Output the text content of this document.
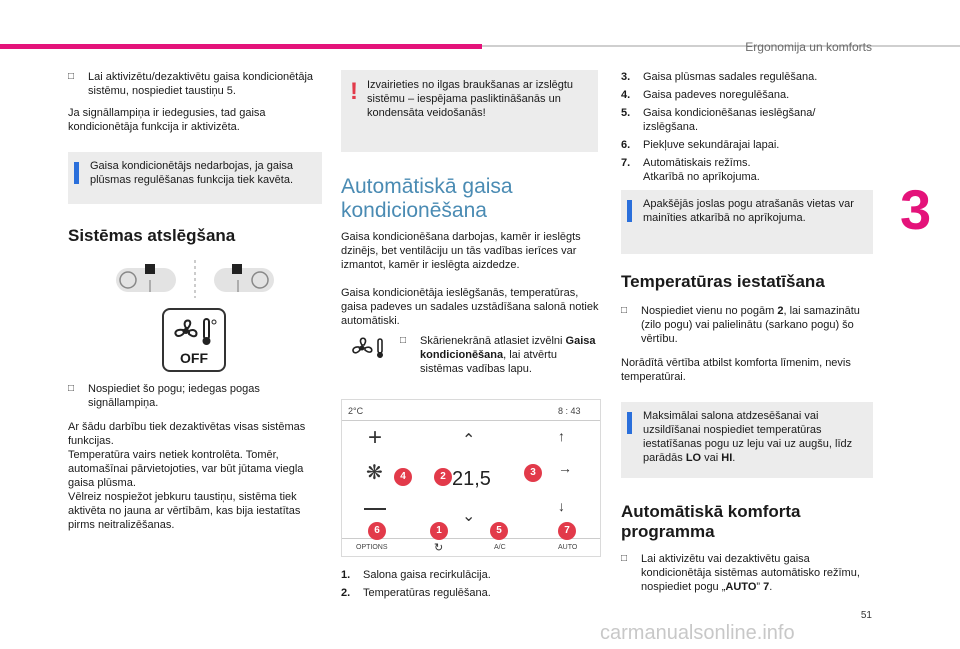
Ergonomija un komforts
3
□	Lai aktivizētu/dezaktivētu gaisa kondicionētāja sistēmu, nospiediet taustiņu 5.
Ja signāllampiņa ir iedegusies, tad gaisa kondicionētāja funkcija ir aktivizēta.
Gaisa kondicionētājs nedarbojas, ja gaisa plūsmas regulēšanas funkcija tiek kavēta.
Sistēmas atslēgšana
OFF
□	Nospiediet šo pogu; iedegas pogas signāllampiņa.
Ar šādu darbību tiek dezaktivētas visas sistēmas funkcijas.
Temperatūra vairs netiek kontrolēta. Tomēr, automašīnai pārvietojoties, var būt jūtama viegla gaisa plūsma.
Vēlreiz nospiežot jebkuru taustiņu, sistēma tiek aktivēta no jauna ar vērtībām, kas bija iestatītas pirms neitralizēšanas.
! Izvairieties no ilgas braukšanas ar izslēgtu sistēmu – iespējama pasliktināšanās un kondensāta veidošanās!
Automātiskā gaisa kondicionēšana
Gaisa kondicionēšana darbojas, kamēr ir ieslēgts dzinējs, bet ventilāciju un tās vadības ierīces var izmantot, kamēr ir ieslēgta aizdedze.
Gaisa kondicionētāja ieslēgšanās, temperatūras, gaisa padeves un sadales uzstādīšana salonā notiek automātiski.
□	Skārienekrānā atlasiet izvēlni Gaisa kondicionēšana, lai atvērtu sistēmas vadības lapu.
2°C	8 : 43
+
❋
⌃
21,5
⌄
↑
→
↓
OPTIONS	↻	A/C	AUTO
4	2	3
6	1	5	7
1.	Salona gaisa recirkulācija.
2.	Temperatūras regulēšana.
3.	Gaisa plūsmas sadales regulēšana.
4.	Gaisa padeves noregulēšana.
5.	Gaisa kondicionēšanas ieslēgšana/ izslēgšana.
6.	Piekļuve sekundārajai lapai.
7.	Automātiskais režīms. Atkarībā no aprīkojuma.
Apakšējās joslas pogu atrašanās vietas var mainīties atkarībā no aprīkojuma.
Temperatūras iestatīšana
□	Nospiediet vienu no pogām 2, lai samazinātu (zilo pogu) vai palielinātu (sarkano pogu) šo vērtību.
Norādītā vērtība atbilst komforta līmenim, nevis temperatūrai.
Maksimālai salona atdzesēšanai vai uzsildīšanai nospiediet temperatūras iestatīšanas pogu uz leju vai uz augšu, līdz parādās LO vai HI.
Automātiskā komforta programma
□	Lai aktivizētu vai dezaktivētu gaisa kondicionētāja sistēmas automātisko režīmu, nospiediet pogu „AUTO” 7.
51
carmanualsonline.info
